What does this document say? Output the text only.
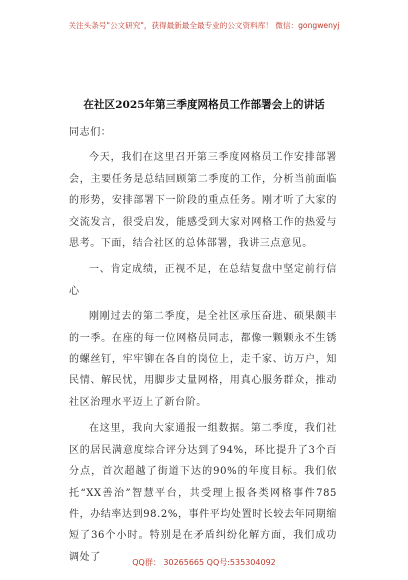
关注头条号"公文研究"，获得最新最全最专业的公文资料库！ 微信：gongwenyj
在社区2025年第三季度网格员工作部署会上的讲话

同志们：

今天，我们在这里召开第三季度网格员工作安排部署会，主要任务是总结回顾第二季度的工作，分析当前面临的形势，安排部署下一阶段的重点任务。刚才听了大家的交流发言，很受启发，能感受到大家对网格工作的热爱与思考。下面，结合社区的总体部署，我讲三点意见。

一、肯定成绩，正视不足，在总结复盘中坚定前行信心

刚刚过去的第二季度，是全社区承压奋进、硕果颇丰的一季。在座的每一位网格员同志，都像一颗颗永不生锈的螺丝钉，牢牢铆在各自的岗位上，走千家、访万户，知民情、解民忧，用脚步丈量网格，用真心服务群众，推动社区治理水平迈上了新台阶。

在这里，我向大家通报一组数据。第二季度，我们社区的居民满意度综合评分达到了94%，环比提升了3个百分点，首次超越了街道下达的90%的年度目标。我们依托“XX善治”智慧平台，共受理上报各类网格事件785件，办结率达到98.2%，事件平均处置时长较去年同期缩短了36个小时。特别是在矛盾纠纷化解方面，我们成功调处了	QQ群： 30265665 QQ号:535304092
